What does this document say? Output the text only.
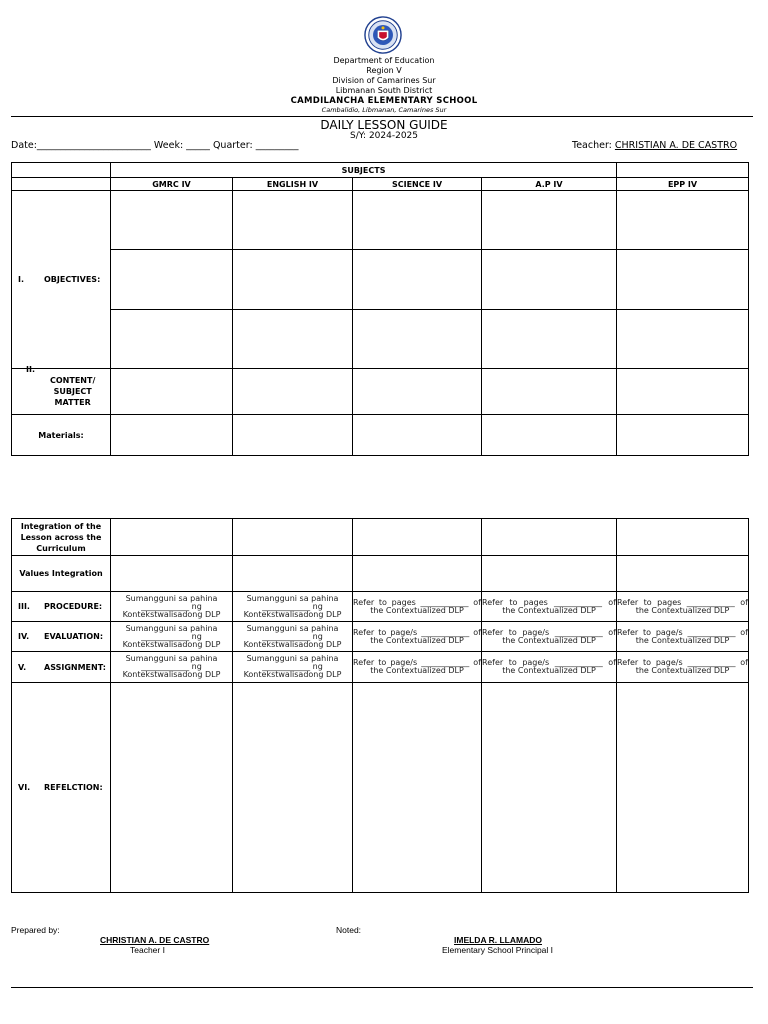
Department of Education
Region V
Division of Camarines Sur
Libmanan South District
CAMDILANCHA ELEMENTARY SCHOOL
Cambalidio, Libmanan, Camarines Sur
DAILY LESSON GUIDE
S/Y: 2024-2025
Date:________________________ Week: _____ Quarter: _________	Teacher: CHRISTIAN A. DE CASTRO
	SUBJECTS				
	GMRC IV	ENGLISH IV	SCIENCE IV	A.P IV	EPP IV
I. OBJECTIVES:					

II.
CONTENT/
SUBJECT
MATTER					

Materials:					
Integration of the Lesson across the Curriculum					
Values Integration					
III. PROCEDURE:	Sumangguni sa pahina ____________ ng Kontekstwalisadong DLP	Sumangguni sa pahina ____________ ng Kontekstwalisadong DLP	Refer to pages ____________ of the Contextualized DLP	Refer to pages ____________ of the Contextualized DLP	Refer to pages ____________ of the Contextualized DLP
IV. EVALUATION:	Sumangguni sa pahina ____________ ng Kontekstwalisadong DLP	Sumangguni sa pahina ____________ ng Kontekstwalisadong DLP	Refer to page/s ____________ of the Contextualized DLP	Refer to page/s ____________ of the Contextualized DLP	Refer to page/s ____________ of the Contextualized DLP
V. ASSIGNMENT:	Sumangguni sa pahina ____________ ng Kontekstwalisadong DLP	Sumangguni sa pahina ____________ ng Kontekstwalisadong DLP	Refer to page/s ____________ of the Contextualized DLP	Refer to page/s ____________ of the Contextualized DLP	Refer to page/s ____________ of the Contextualized DLP
VI. REFELCTION:					
Prepared by:
CHRISTIAN A. DE CASTRO
Teacher I
Noted:
IMELDA R. LLAMADO
Elementary School Principal I
